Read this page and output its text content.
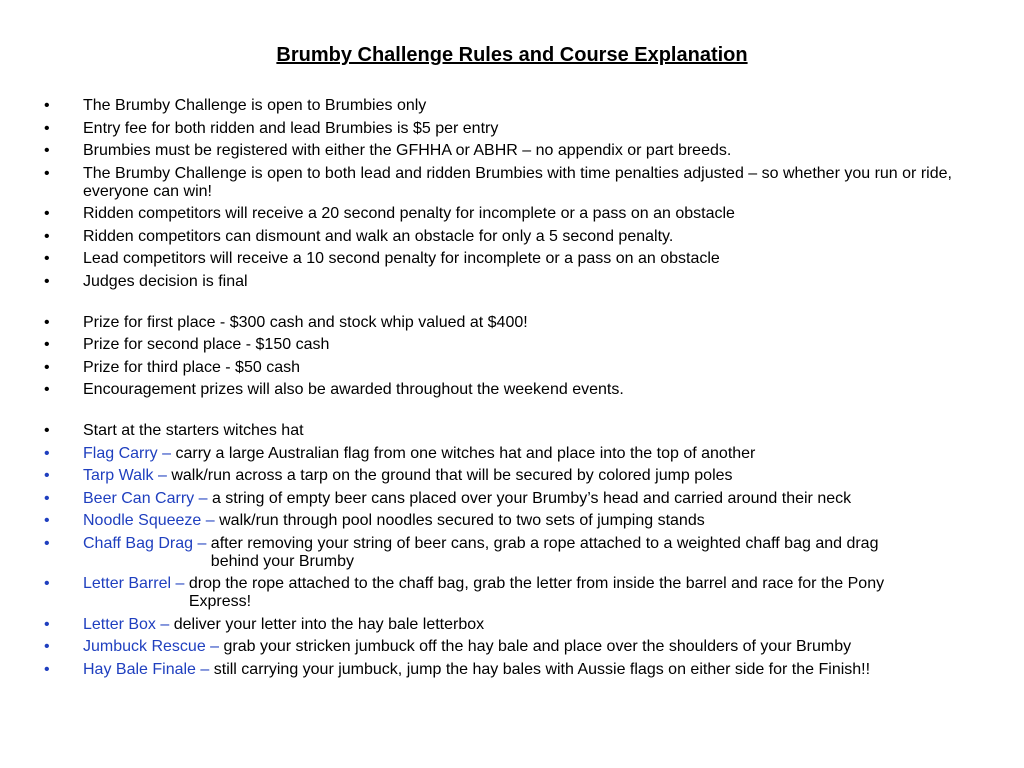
Brumby Challenge Rules and Course Explanation
•	The Brumby Challenge is open to Brumbies only
•	Entry fee for both ridden and lead Brumbies is $5 per entry
•	Brumbies must be registered with either the GFHHA or ABHR – no appendix or part breeds.
•	The Brumby Challenge is open to both lead and ridden Brumbies with time penalties adjusted – so whether you run or ride, everyone can win!
•	Ridden competitors will receive a 20 second penalty for incomplete or a pass on an obstacle
•	Ridden competitors can dismount and walk an obstacle for only a 5 second penalty.
•	Lead competitors will receive a 10 second penalty for incomplete or a pass on an obstacle
•	Judges decision is final
•	Prize for first place - $300 cash and stock whip valued at $400!
•	Prize for second place - $150 cash
•	Prize for third place - $50 cash
•	Encouragement prizes will also be awarded throughout the weekend events.
•	Start at the starters witches hat
•	Flag Carry – carry a large Australian flag from one witches hat and place into the top of another
•	Tarp Walk – walk/run across a tarp on the ground that will be secured by colored jump poles
•	Beer Can Carry – a string of empty beer cans placed over your Brumby’s head and carried around their neck
•	Noodle Squeeze – walk/run through pool noodles secured to two sets of jumping stands
•	Chaff Bag Drag – after removing your string of beer cans, grab a rope attached to a weighted chaff bag and drag behind your Brumby
•	Letter Barrel – drop the rope attached to the chaff bag, grab the letter from inside the barrel and race for the Pony Express!
•	Letter Box – deliver your letter into the hay bale letterbox
•	Jumbuck Rescue – grab your stricken jumbuck off the hay bale and place over the shoulders of your Brumby
•	Hay Bale Finale – still carrying your jumbuck, jump the hay bales with Aussie flags on either side for the Finish!!
